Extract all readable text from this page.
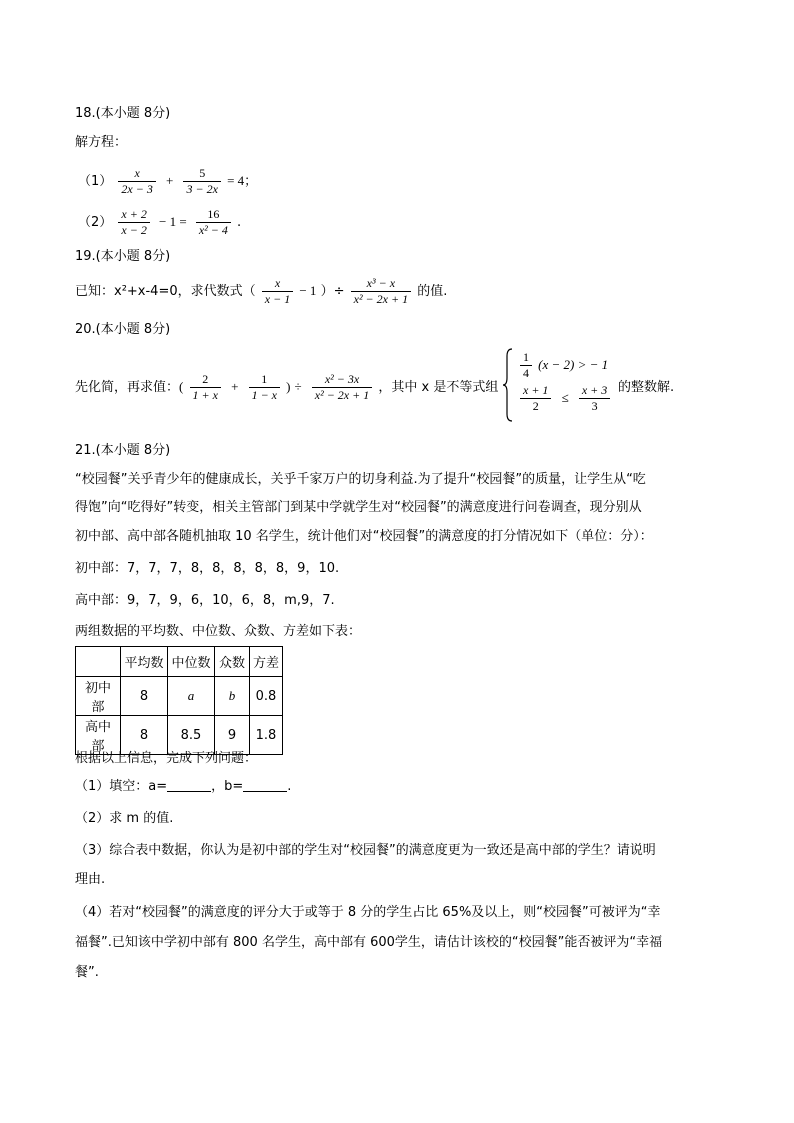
18.(本小题 8分)
解方程：
$(1) \frac{x}{2x - 3} + \frac{5}{3 - 2x} = 4$；
$(2) \frac{x + 2}{x - 2} - 1 = \frac{16}{\text{x² − 4}}$ .
19.(本小题 8分)
已知：x²+x-4=0，求代数式（ $\frac{x}{x - 1} - 1$ ）÷ $\frac{\text{x³ − x}}{\text{x² − 2x + 1}}$ 的值.
20.(本小题 8分)
先化简，再求值：( $\frac{2}{1 + x} + \frac{1}{1 - x}$ ) ÷ $\frac{\text{x² − 3x}}{\text{x² − 2x + 1}}$ ，其中 x 是不等式组
$\frac{1}{4} (x - 2)$ > − 1
$\frac{x + 1}{2} \le \frac{x + 3}{3}$ 的整数解.
21.(本小题 8分)
“校园餐”关乎青少年的健康成长，关乎千家万户的切身利益.为了提升“校园餐”的质量，让学生从“吃
得饱”向“吃得好”转变，相关主管部门到某中学就学生对“校园餐”的满意度进行问卷调查，现分别从
初中部、高中部各随机抽取 10 名学生，统计他们对“校园餐”的满意度的打分情况如下（单位：分）：
初中部：7，7，7，8，8，8，8，8，9，10.
高中部：9，7，9，6，10，6，8，m,9，7.
两组数据的平均数、中位数、众数、方差如下表：
	平均数	中位数	众数	方差
初中部	8	a	b	0.8
高中部	8	8.5	9	1.8
根据以上信息，完成下列问题：
（1）填空：a=	，b=	.
（2）求 m 的值.
（3）综合表中数据，你认为是初中部的学生对“校园餐”的满意度更为一致还是高中部的学生？请说明
理由.
（4）若对“校园餐”的满意度的评分大于或等于 8 分的学生占比 65%及以上，则“校园餐”可被评为“幸
福餐”.已知该中学初中部有 800 名学生，高中部有 600学生，请估计该校的“校园餐”能否被评为“幸福
餐”.
